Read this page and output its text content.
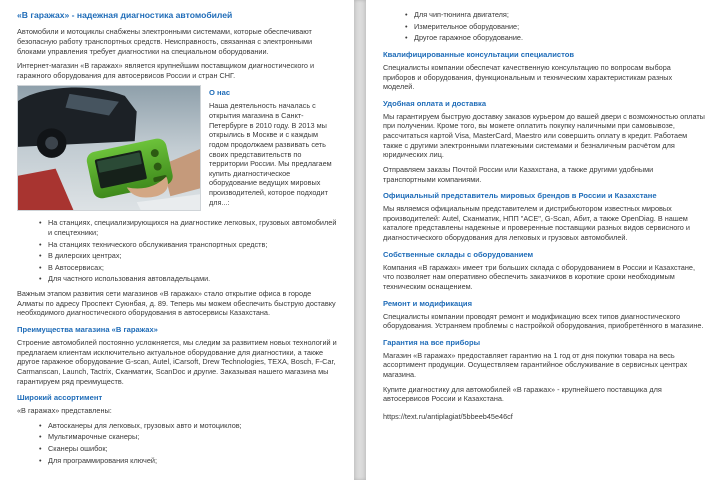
«В гаражах» - надежная диагностика автомобилей

Автомобили и мотоциклы снабжены электронными системами, которые обеспечивают безопасную работу транспортных средств. Неисправность, связанная с электронными блоками управления требует диагностики на специальном оборудовании.

Интернет-магазин «В гаражах» является крупнейшим поставщиком диагностического и гаражного оборудования для автосервисов России и стран СНГ.

О нас

Наша деятельность началась с открытия магазина в Санкт-Петербурге в 2010 году. В 2013 мы открылись в Москве и с каждым годом продолжаем развивать сеть своих представительств по территории России. Мы предлагаем купить диагностическое оборудование ведущих мировых производителей, которое подходит для...:

• На станциях, специализирующихся на диагностике легковых, грузовых автомобилей и спецтехники;
• На станциях технического обслуживания транспортных средств;
• В дилерских центрах;
• В Автосервисах;
• Для частного использования автовладельцами.

Важным этапом развития сети магазинов «В гаражах» стало открытие офиса в городе Алматы по адресу Проспект Суюнбая, д. 89. Теперь мы можем обеспечить быструю доставку необходимого диагностического оборудования в автосервисы Казахстана.

Преимущества магазина «В гаражах»

Строение автомобилей постоянно усложняется, мы следим за развитием новых технологий и предлагаем клиентам исключительно актуальное оборудование для диагностики, а также другое гаражное оборудование G-scan, Autel, iCarsoft, Drew Technologies, TEXA, Bosch, F-Car, Carmanscan, Launch, Tactrix, Сканматик, ScanDoc и другие. Заказывая нашего магазина мы гарантируем ряд преимуществ.

Широкий ассортимент

«В гаражах» представлены:

• Автосканеры для легковых, грузовых авто и мотоциклов;
• Мультимарочные сканеры;
• Сканеры ошибок;
• Для программирования ключей;
• Для чип-тюнинга двигателя;
• Измерительное оборудование;
• Другое гаражное оборудование.
Квалифицированные консультации специалистов

Специалисты компании обеспечат качественную консультацию по вопросам выбора приборов и оборудования, функциональным и техническим характеристикам разных моделей.

Удобная оплата и доставка

Мы гарантируем быструю доставку заказов курьером до вашей двери с возможностью оплаты при получении. Кроме того, вы можете оплатить покупку наличными при самовывозе, рассчитаться картой Visa, MasterCard, Maestro или совершить оплату в кредит. Работаем также с другими электронными платежными системами и безналичным расчётом для юридических лиц.

Отправляем заказы Почтой России или Казахстана, а также другими удобными транспортными компаниями.

Официальный представитель мировых брендов в России и Казахстане

Мы являемся официальным представителем и дистрибьютором известных мировых производителей: Autel, Сканматик, НПП "АСЕ", G-Scan, Абит, а также OpenDiag. В нашем каталоге представлены надежные и проверенные поставщики разных видов сервисного и диагностического оборудования для легковых и грузовых автомобилей.

Собственные склады с оборудованием

Компания «В гаражах» имеет три больших склада с оборудованием в России и Казахстане, что позволяет нам оперативно обеспечить заказчиков в короткие сроки необходимым техническим оснащением.

Ремонт и модификация

Специалисты компании проводят ремонт и модификацию всех типов диагностического оборудования. Устраняем проблемы с настройкой оборудования, приобретённого в магазине.

Гарантия на все приборы

Магазин «В гаражах» предоставляет гарантию на 1 год от дня покупки товара на весь ассортимент продукции. Осуществляем гарантийное обслуживание в сервисных центрах магазина.

Купите диагностику для автомобилей «В гаражах» - крупнейшего поставщика для автосервисов России и Казахстана.

https://text.ru/antiplagiat/5bbeeb45e46cf
